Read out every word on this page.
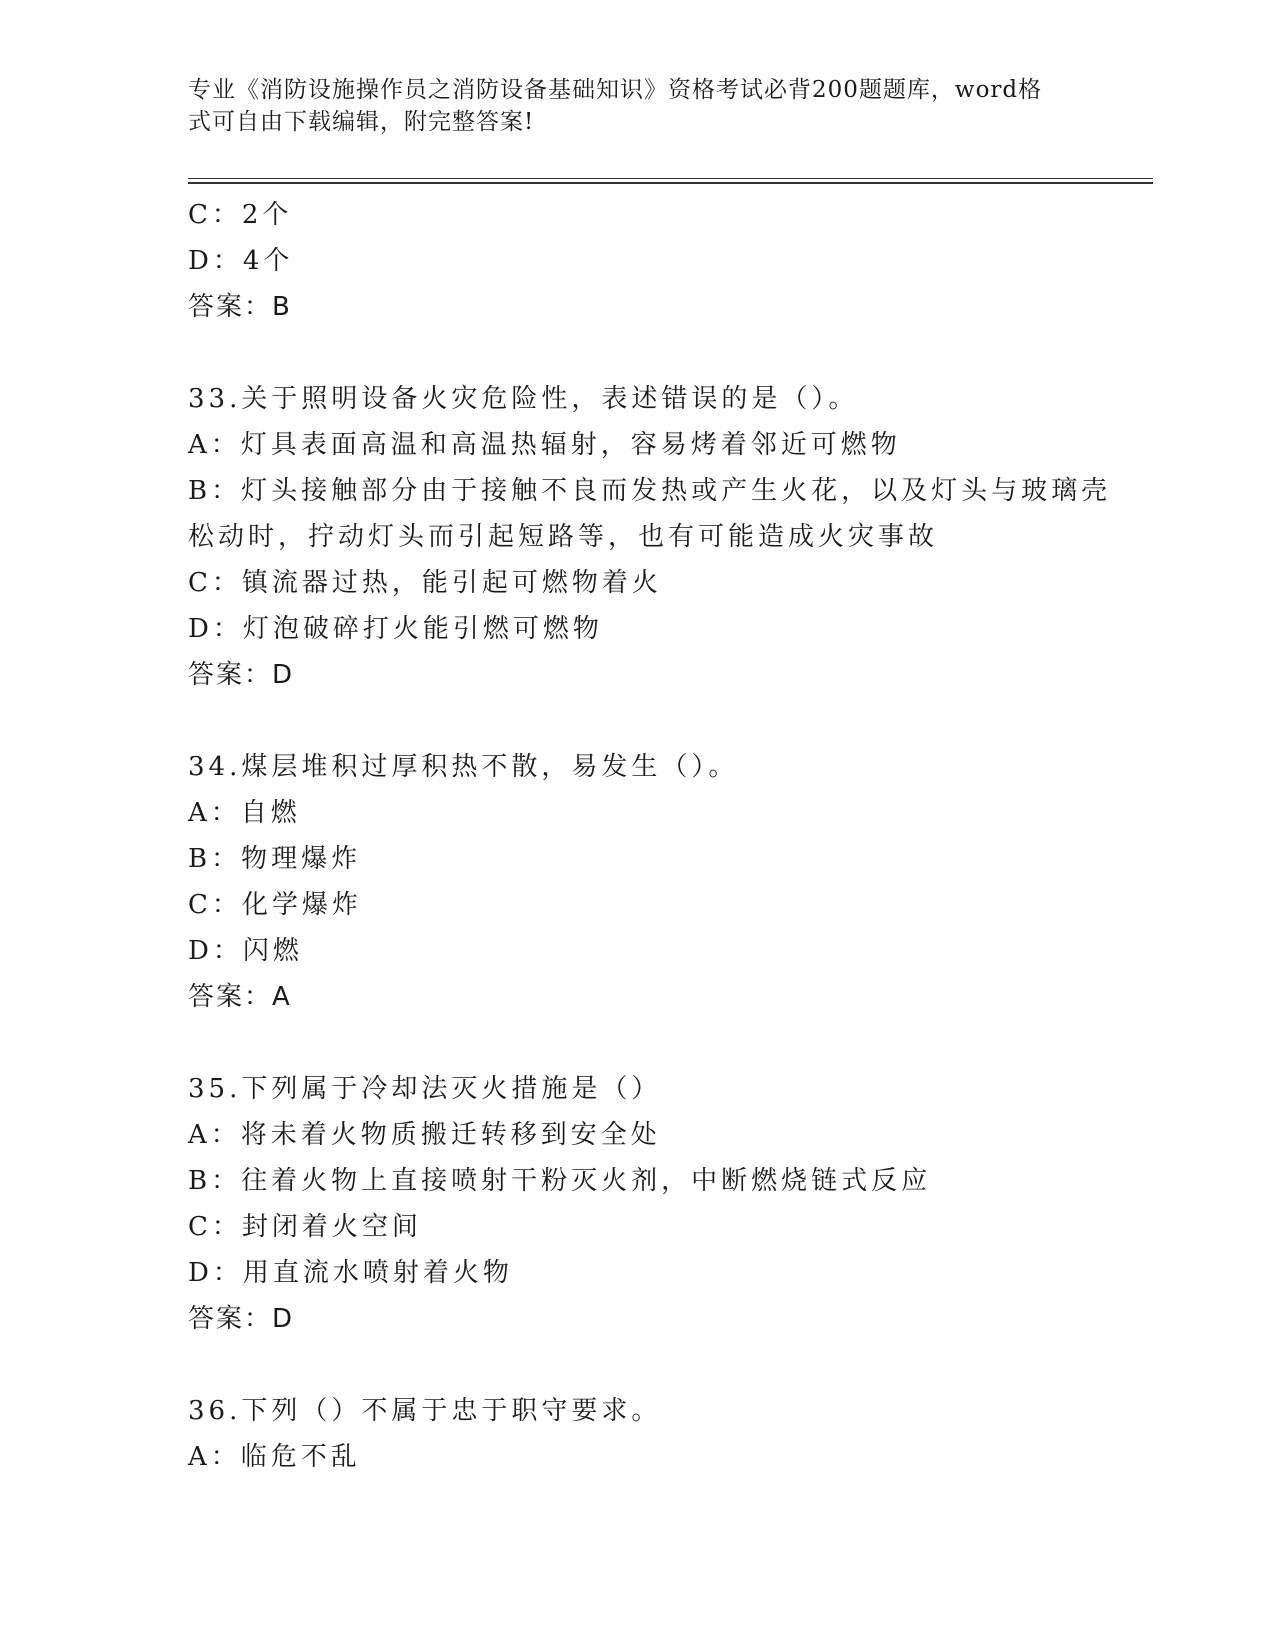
专业《消防设施操作员之消防设备基础知识》资格考试必背200题题库，word格
式可自由下载编辑，附完整答案!
C：2个
D：4个
答案：B
33.关于照明设备火灾危险性，表述错误的是（）。
A：灯具表面高温和高温热辐射，容易烤着邻近可燃物
B：灯头接触部分由于接触不良而发热或产生火花，以及灯头与玻璃壳
松动时，拧动灯头而引起短路等，也有可能造成火灾事故
C：镇流器过热，能引起可燃物着火
D：灯泡破碎打火能引燃可燃物
答案：D
34.煤层堆积过厚积热不散，易发生（）。
A：自燃
B：物理爆炸
C：化学爆炸
D：闪燃
答案：A
35.下列属于冷却法灭火措施是（）
A：将未着火物质搬迁转移到安全处
B：往着火物上直接喷射干粉灭火剂，中断燃烧链式反应
C：封闭着火空间
D：用直流水喷射着火物
答案：D
36.下列（）不属于忠于职守要求。
A：临危不乱
